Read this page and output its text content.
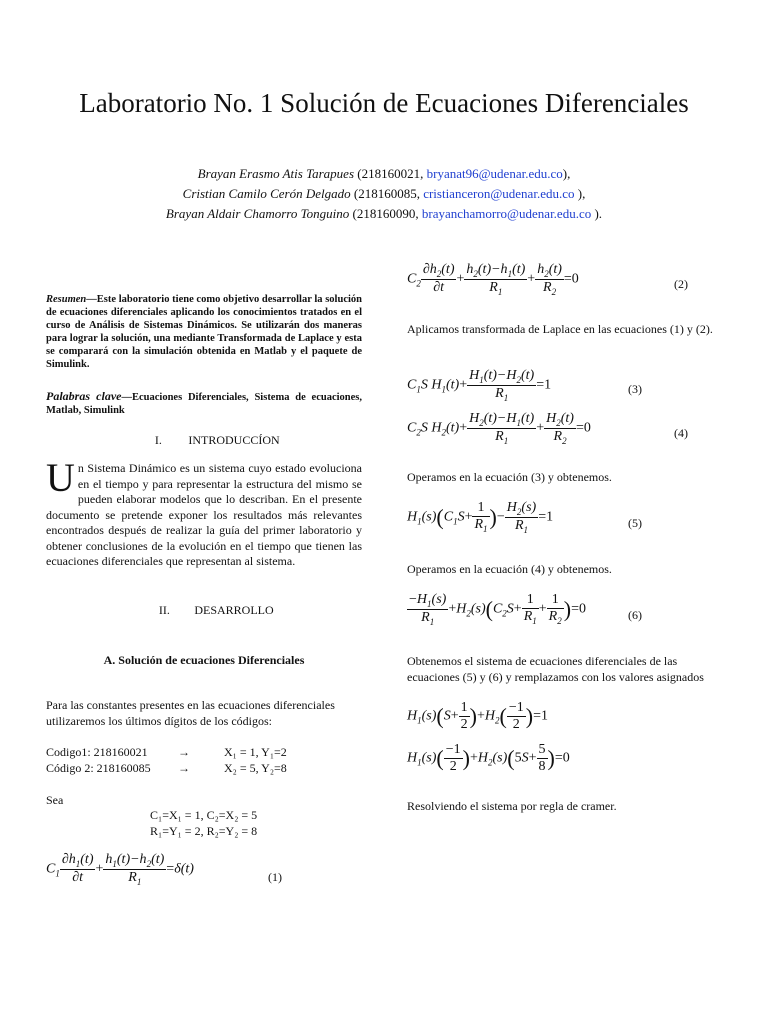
Laboratorio No. 1 Solución de Ecuaciones Diferenciales
Brayan Erasmo Atis Tarapues (218160021, bryanat96@udenar.edu.co),
Cristian Camilo Cerón Delgado (218160085, cristianceron@udenar.edu.co ),
Brayan Aldair Chamorro Tonguino (218160090, brayanchamorro@udenar.edu.co ).
Resumen—Este laboratorio tiene como objetivo desarrollar la solución de ecuaciones diferenciales aplicando los conocimientos tratados en el curso de Análisis de Sistemas Dinámicos. Se utilizarán dos maneras para lograr la solución, una mediante Transformada de Laplace y esta se comparará con la simulación obtenida en Matlab y el paquete de Simulink.
Palabras clave—Ecuaciones Diferenciales, Sistema de ecuaciones, Matlab, Simulink
I. INTRODUCCÍON
Un Sistema Dinámico es un sistema cuyo estado evoluciona en el tiempo y para representar la estructura del mismo se pueden elaborar modelos que lo describan. En el presente documento se pretende exponer los resultados más relevantes encontrados después de realizar la guía del primer laboratorio y obtener conclusiones de la evolución en el tiempo que tienen las ecuaciones diferenciales que representan al sistema.
II. DESARROLLO
A. Solución de ecuaciones Diferenciales
Para las constantes presentes en las ecuaciones diferenciales utilizaremos los últimos dígitos de los códigos:
Codigo1: 218160021	→	X₁ = 1, Y₁=2
Código 2: 218160085 →	X₂ = 5, Y₂=8
Sea
C₁=X₁ = 1, C₂=X₂ = 5
R₁=Y₁ = 2, R₂=Y₂ = 8
$C_1 \frac{\partial h_1(t)}{\partial t} + \frac{h_1(t)-h_2(t)}{R_1} =\delta(t)$
(1)
$C_2 \frac{\partial h_2(t)}{\partial t} + \frac{h_2(t)-h_1(t)}{R_1} + \frac{h_2(t)}{R_2} =0$	(2)
Aplicamos transformada de Laplace en las ecuaciones (1) y (2).
$C_1S$ $H_1(t)+ \frac{H_1(t)-H_2(t)}{R_1} =1$	(3)
$C_2S$ $H_2(t)+ \frac{H_2(t)-H_1(t)}{R_1} + \frac{H_2(t)}{R_2} =0$	(4)
Operamos en la ecuación (3) y obtenemos.
$H_1(s)(C_1S+ \frac{1}{R_1}$ )− $\frac{H_2(s)}{R_1} =1$	(5)
Operamos en la ecuación (4) y obtenemos.
$\frac{-H_1(s)}{R_1} +H_2(s)(C_2S+ \frac{1}{R_1} + \frac{1}{R_2} )=0$	(6)
Obtenemos el sistema de ecuaciones diferenciales de las ecuaciones (5) y (6) y remplazamos con los valores asignados
$H_1(s)(S+ \frac{1}{2} )+H_2( \frac{-1}{2} )=1$
$H_1(s)( \frac{-1}{2} )+H_2(s)(5S+ \frac{5}{8} )=0$
Resolviendo el sistema por regla de cramer.
